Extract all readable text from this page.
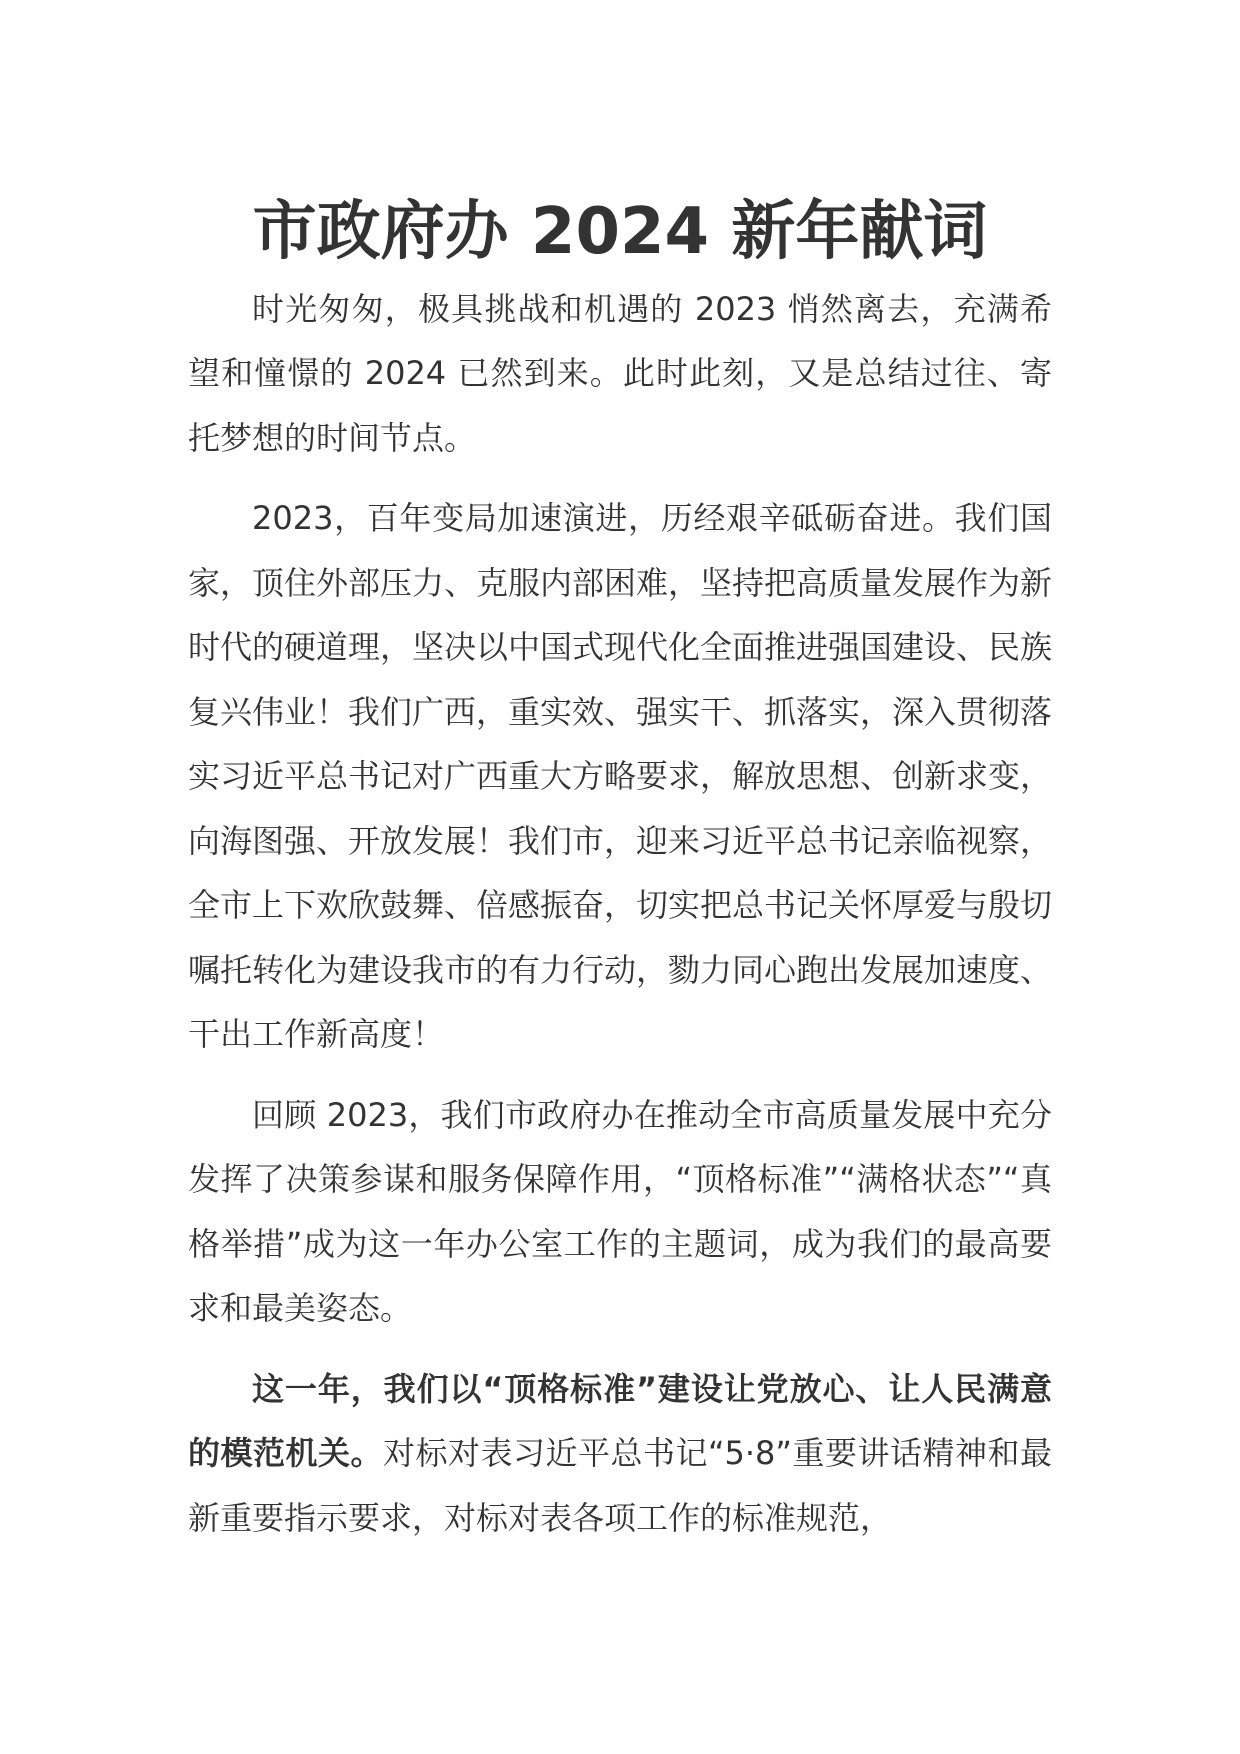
市政府办 2024 新年献词

时光匆匆，极具挑战和机遇的 2023 悄然离去，充满希望和憧憬的 2024 已然到来。此时此刻，又是总结过往、寄托梦想的时间节点。

2023，百年变局加速演进，历经艰辛砥砺奋进。我们国家，顶住外部压力、克服内部困难，坚持把高质量发展作为新时代的硬道理，坚决以中国式现代化全面推进强国建设、民族复兴伟业！我们广西，重实效、强实干、抓落实，深入贯彻落实习近平总书记对广西重大方略要求，解放思想、创新求变，向海图强、开放发展！我们市，迎来习近平总书记亲临视察，全市上下欢欣鼓舞、倍感振奋，切实把总书记关怀厚爱与殷切嘱托转化为建设我市的有力行动，勠力同心跑出发展加速度、干出工作新高度！

回顾 2023，我们市政府办在推动全市高质量发展中充分发挥了决策参谋和服务保障作用，“顶格标准”“满格状态”“真格举措”成为这一年办公室工作的主题词，成为我们的最高要求和最美姿态。

这一年，我们以“顶格标准”建设让党放心、让人民满意的模范机关。对标对表习近平总书记“5·8”重要讲话精神和最新重要指示要求，对标对表各项工作的标准规范，
